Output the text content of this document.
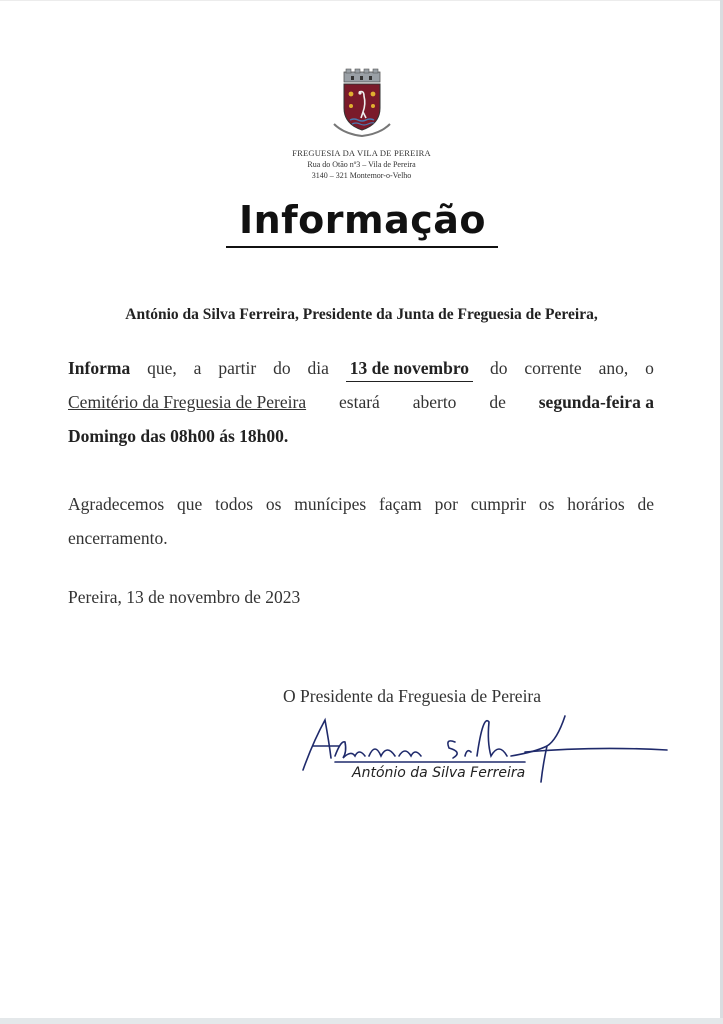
FREGUESIA DA VILA DE PEREIRA
Rua do Otão nº3 – Vila de Pereira
3140 – 321 Montemor-o-Velho
Informação
António da Silva Ferreira, Presidente da Junta de Freguesia de Pereira,
Informa que, a partir do dia 13 de novembro do corrente ano, o
Cemitério da Freguesia de Pereira estará aberto de segunda-feira a
Domingo das 08h00 ás 18h00.
Agradecemos que todos os munícipes façam por cumprir os horários de
encerramento.
Pereira, 13 de novembro de 2023
O Presidente da Freguesia de Pereira
António da Silva Ferreira
